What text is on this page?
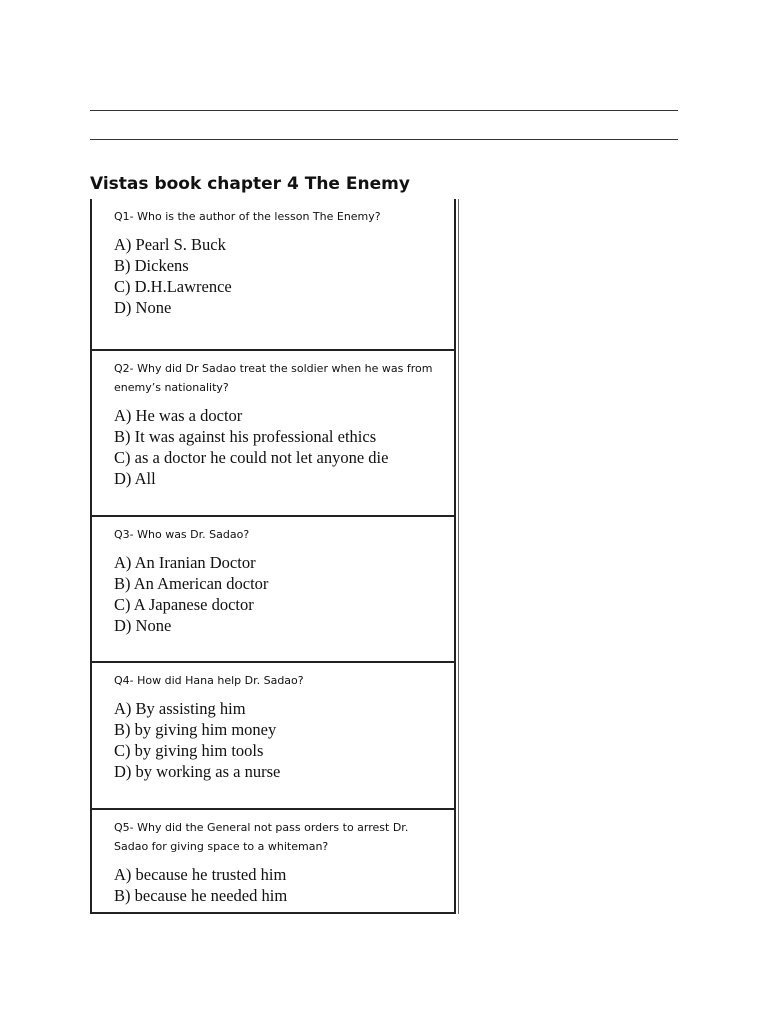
Vistas book chapter 4 The Enemy

Q1- Who is the author of the lesson The Enemy?

A) Pearl S. Buck
B) Dickens
C) D.H.Lawrence
D) None

Q2- Why did Dr Sadao treat the soldier when he was from enemy’s nationality?

A) He was a doctor
B) It was against his professional ethics
C) as a doctor he could not let anyone die
D) All

Q3- Who was Dr. Sadao?

A) An Iranian Doctor
B) An American doctor
C) A Japanese doctor
D) None

Q4- How did Hana help Dr. Sadao?

A) By assisting him
B) by giving him money
C) by giving him tools
D) by working as a nurse

Q5- Why did the General not pass orders to arrest Dr. Sadao for giving space to a whiteman?

A) because he trusted him
B) because he needed him
